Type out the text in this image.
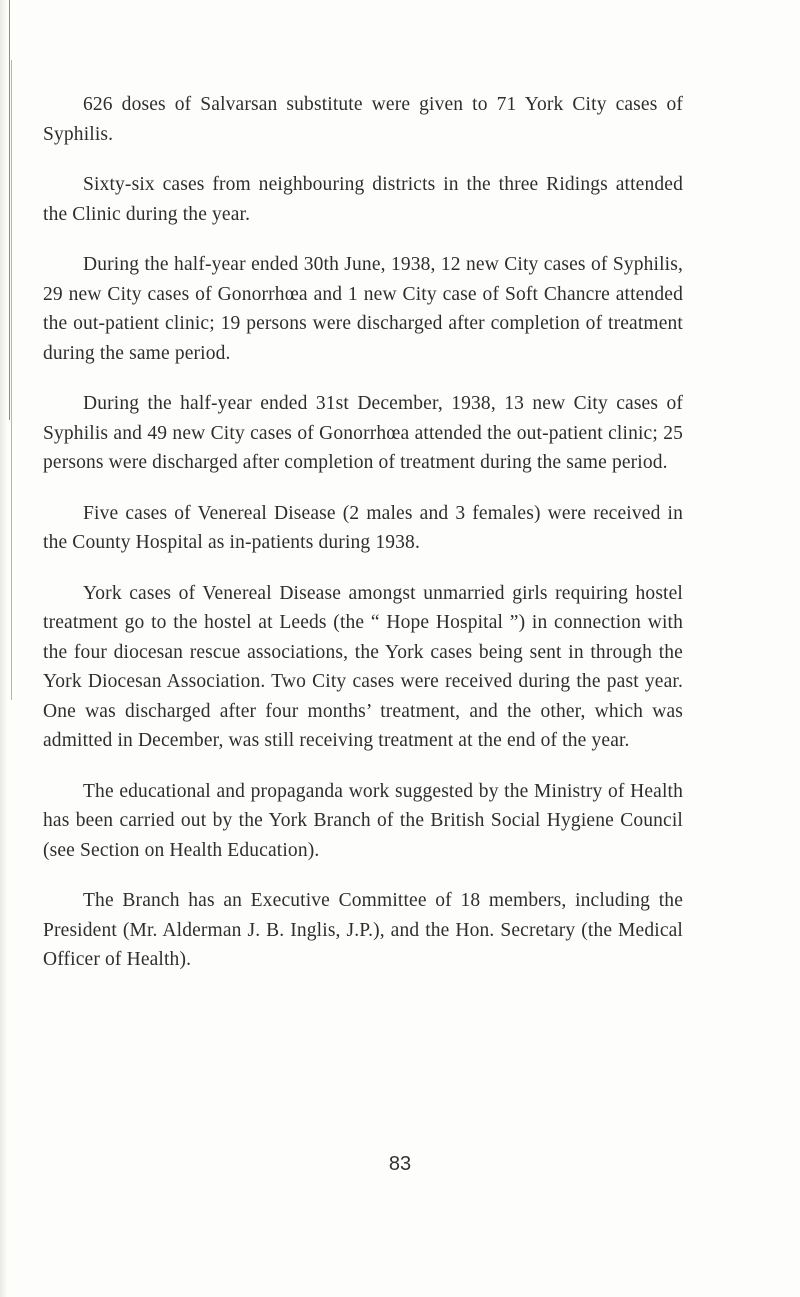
626 doses of Salvarsan substitute were given to 71 York City cases of Syphilis.

Sixty-six cases from neighbouring districts in the three Ridings attended the Clinic during the year.

During the half-year ended 30th June, 1938, 12 new City cases of Syphilis, 29 new City cases of Gonorrhœa and 1 new City case of Soft Chancre attended the out-patient clinic; 19 persons were discharged after completion of treatment during the same period.

During the half-year ended 31st December, 1938, 13 new City cases of Syphilis and 49 new City cases of Gonorrhœa attended the out-patient clinic; 25 persons were discharged after completion of treatment during the same period.

Five cases of Venereal Disease (2 males and 3 females) were received in the County Hospital as in-patients during 1938.

York cases of Venereal Disease amongst unmarried girls requiring hostel treatment go to the hostel at Leeds (the “ Hope Hospital ”) in connection with the four diocesan rescue associations, the York cases being sent in through the York Diocesan Association. Two City cases were received during the past year. One was discharged after four months’ treatment, and the other, which was admitted in December, was still receiving treatment at the end of the year.

The educational and propaganda work suggested by the Ministry of Health has been carried out by the York Branch of the British Social Hygiene Council (see Section on Health Education).

The Branch has an Executive Committee of 18 members, including the President (Mr. Alderman J. B. Inglis, J.P.), and the Hon. Secretary (the Medical Officer of Health).

83
